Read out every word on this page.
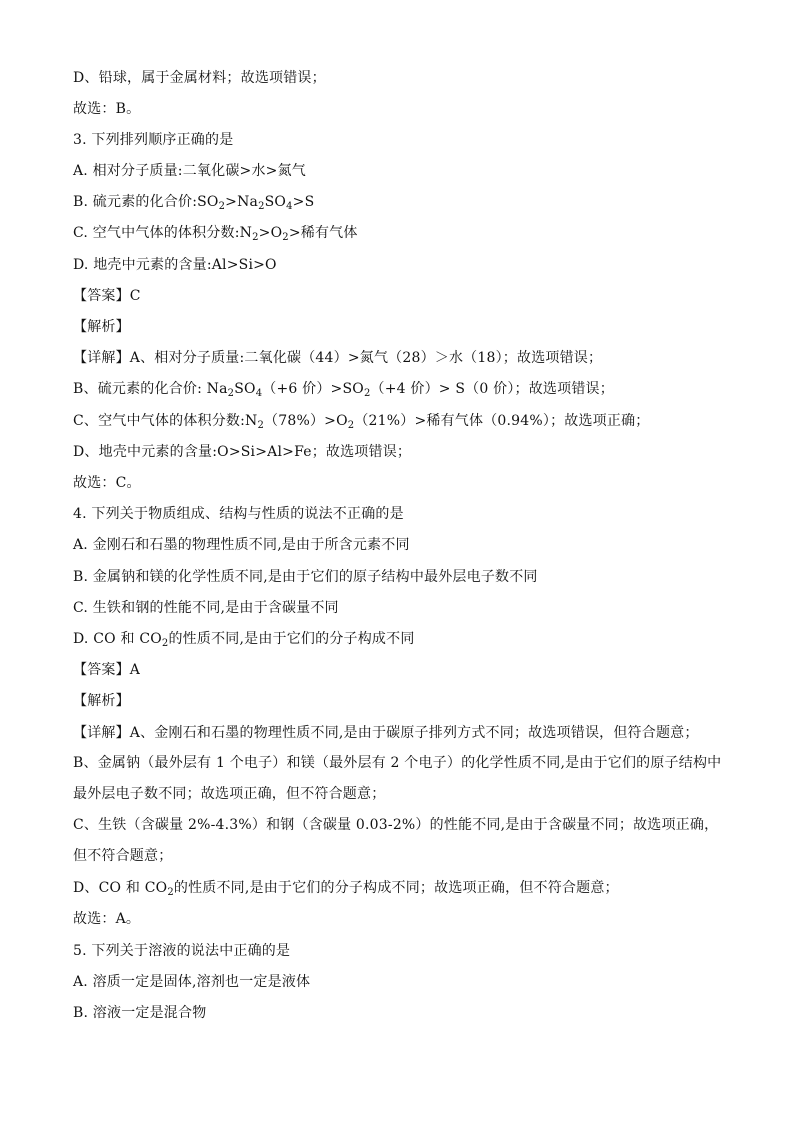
D、铅球，属于金属材料；故选项错误；
故选：B。
3. 下列排列顺序正确的是
A. 相对分子质量:二氧化碳>水>氮气
B. 硫元素的化合价$:SO_2>Na_2SO_4>S$
C. 空气中气体的体积分数$:N_2>O_2>$稀有气体
D. 地壳中元素的含量:Al>Si>O
【答案】C
【解析】
【详解】A、相对分子质量:二氧化碳（44）>氮气（28）＞水（18）；故选项错误；
B、硫元素的化合价: $Na_2SO_4(+6$ 价）$>SO_2(+4$ 价）> S（0 价）；故选项错误；
C、空气中气体的体积分数$:N_2(78\%)>O_2(21\%)>$稀有气体（0.94%）；故选项正确；
D、地壳中元素的含量:O>Si>Al>Fe；故选项错误；
故选：C。
4. 下列关于物质组成、结构与性质的说法不正确的是
A. 金刚石和石墨的物理性质不同,是由于所含元素不同
B. 金属钠和镁的化学性质不同,是由于它们的原子结构中最外层电子数不同
C. 生铁和钢的性能不同,是由于含碳量不同
D. CO 和 $CO_2$的性质不同,是由于它们的分子构成不同
【答案】A
【解析】
【详解】A、金刚石和石墨的物理性质不同,是由于碳原子排列方式不同；故选项错误，但符合题意；
B、金属钠（最外层有 1 个电子）和镁（最外层有 2 个电子）的化学性质不同,是由于它们的原子结构中最外层电子数不同；故选项正确，但不符合题意；
C、生铁（含碳量 2%-4.3%）和钢（含碳量 0.03-2%）的性能不同,是由于含碳量不同；故选项正确，但不符合题意；
D、CO 和 $CO_2$的性质不同,是由于它们的分子构成不同；故选项正确，但不符合题意；
故选：A。
5. 下列关于溶液的说法中正确的是
A. 溶质一定是固体,溶剂也一定是液体
B. 溶液一定是混合物
